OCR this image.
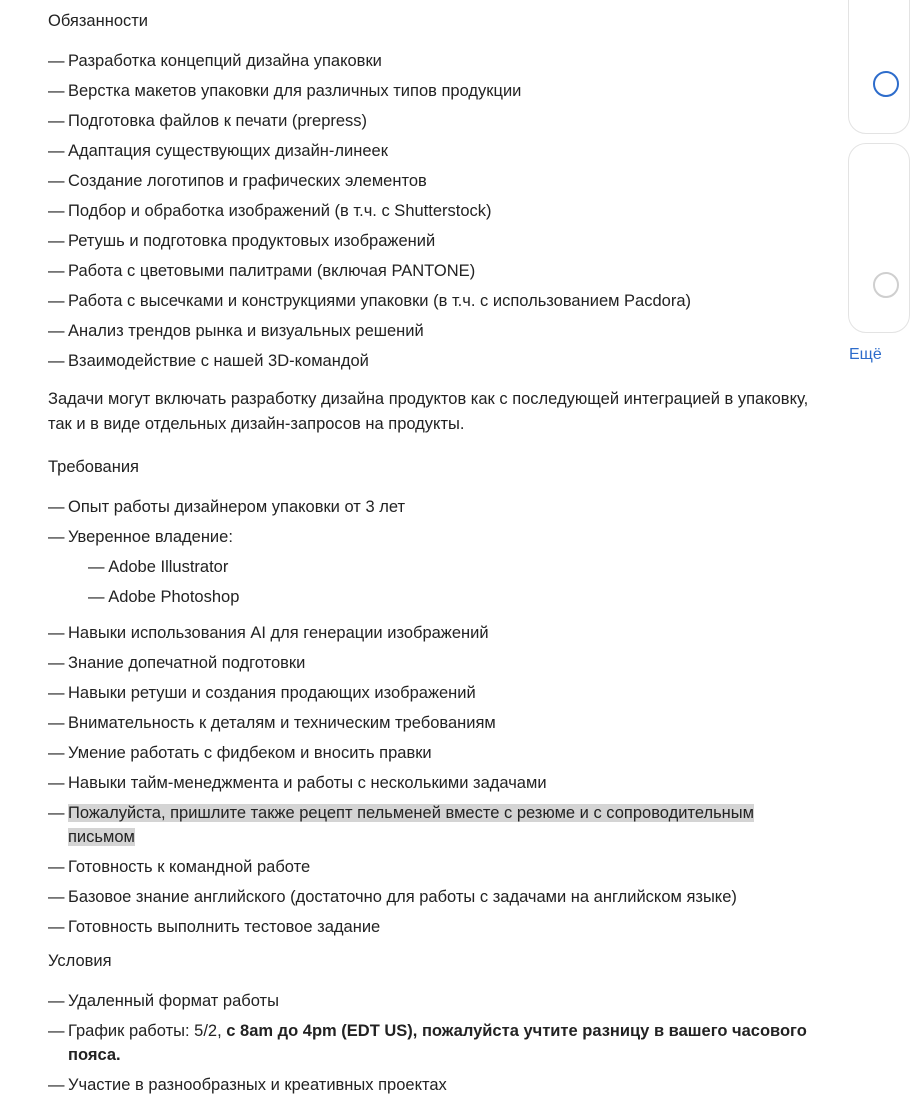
Обязанности
— Разработка концепций дизайна упаковки
— Верстка макетов упаковки для различных типов продукции
— Подготовка файлов к печати (prepress)
— Адаптация существующих дизайн-линеек
— Создание логотипов и графических элементов
— Подбор и обработка изображений (в т.ч. с Shutterstock)
— Ретушь и подготовка продуктовых изображений
— Работа с цветовыми палитрами (включая PANTONE)
— Работа с высечками и конструкциями упаковки (в т.ч. с использованием Pacdora)
— Анализ трендов рынка и визуальных решений
— Взаимодействие с нашей 3D-командой

Задачи могут включать разработку дизайна продуктов как с последующей интеграцией в упаковку, так и в виде отдельных дизайн-запросов на продукты.

Требования
— Опыт работы дизайнером упаковки от 3 лет
— Уверенное владение:
— Adobe Illustrator
— Adobe Photoshop
— Навыки использования AI для генерации изображений
— Знание допечатной подготовки
— Навыки ретуши и создания продающих изображений
— Внимательность к деталям и техническим требованиям
— Умение работать с фидбеком и вносить правки
— Навыки тайм-менеджмента и работы с несколькими задачами
— Пожалуйста, пришлите также рецепт пельменей вместе с резюме и с сопроводительным письмом
— Готовность к командной работе
— Базовое знание английского (достаточно для работы с задачами на английском языке)
— Готовность выполнить тестовое задание
Условия
— Удаленный формат работы
— График работы: 5/2, с 8am до 4pm (EDT US), пожалуйста учтите разницу в вашего часового пояса.
— Участие в разнообразных и креативных проектах
Ещё
